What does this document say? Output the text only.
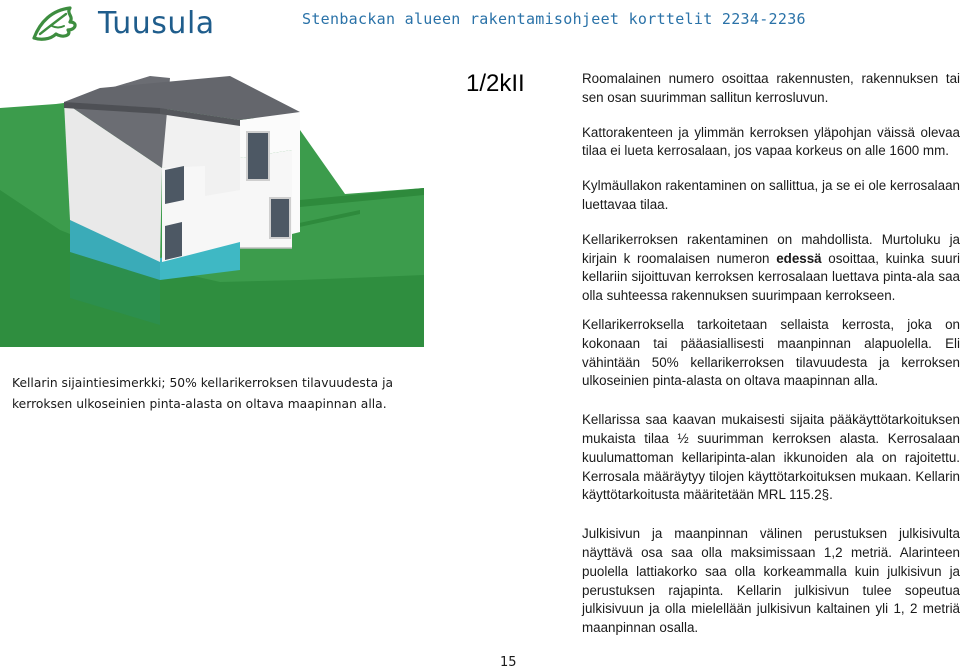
Tuusula	Stenbackan alueen rakentamisohjeet korttelit 2234-2236
Kellarin sijaintiesimerkki; 50% kellarikerroksen tilavuudesta ja kerroksen ulkoseinien pinta-alasta on oltava maapinnan alla.
1/2kII	Roomalainen numero osoittaa rakennusten, rakennuksen tai sen osan suurimman sallitun kerrosluvun.

Kattorakenteen ja ylimmän kerroksen yläpohjan väissä olevaa tilaa ei lueta kerrosalaan, jos vapaa korkeus on alle 1600 mm.

Kylmäullakon rakentaminen on sallittua, ja se ei ole kerrosalaan luettavaa tilaa.

Kellarikerroksen rakentaminen on mahdollista. Murtoluku ja kirjain k roomalaisen numeron edessä osoittaa, kuinka suuri kellariin sijoittuvan kerroksen kerrosalaan luettava pinta-ala saa olla suhteessa rakennuksen suurimpaan kerrokseen.

Kellarikerroksella tarkoitetaan sellaista kerrosta, joka on kokonaan tai pääasiallisesti maanpinnan alapuolella. Eli vähintään 50% kellarikerroksen tilavuudesta ja kerroksen ulkoseinien pinta-alasta on oltava maapinnan alla.

Kellarissa saa kaavan mukaisesti sijaita pääkäyttötarkoituksen mukaista tilaa ½ suurimman kerroksen alasta. Kerrosalaan kuulumattoman kellaripinta-alan ikkunoiden ala on rajoitettu. Kerrosala määräytyy tilojen käyttötarkoituksen mukaan. Kellarin käyttötarkoitusta määritetään MRL 115.2§.

Julkisivun ja maanpinnan välinen perustuksen julkisivulta näyttävä osa saa olla maksimissaan 1,2 metriä. Alarinteen puolella lattiakorko saa olla korkeammalla kuin julkisivun ja perustuksen rajapinta. Kellarin julkisivun tulee sopeutua julkisivuun ja olla mielellään julkisivun kaltainen yli 1, 2 metriä maanpinnan osalla.

15
